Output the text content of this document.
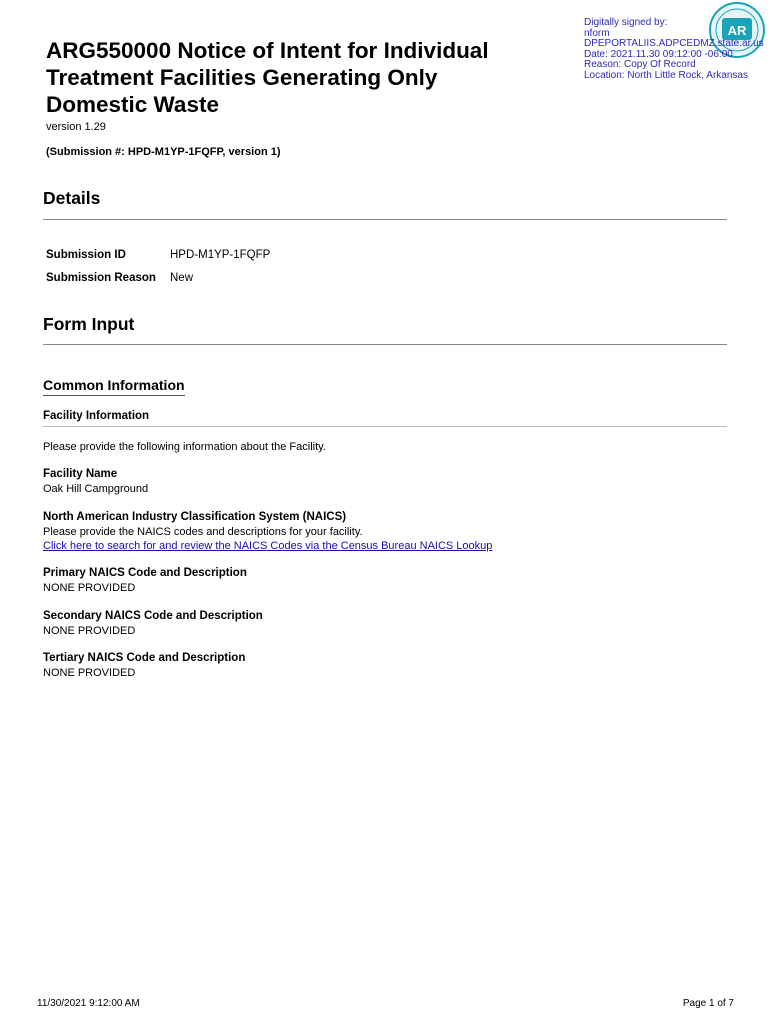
ARG550000 Notice of Intent for Individual
Treatment Facilities Generating Only
Domestic Waste
version 1.29
(Submission #: HPD-M1YP-1FQFP, version 1)
AR
Digitally signed by:
nform
DPEPORTALIIS.ADPCEDMZ.state.ar.us
Date: 2021.11.30 09:12:00 -06:00
Reason: Copy Of Record
Location: North Little Rock, Arkansas
Details
Submission ID	HPD-M1YP-1FQFP
Submission Reason New
Form Input
Common Information
Facility Information
Please provide the following information about the Facility.
Facility Name
Oak Hill Campground
North American Industry Classification System (NAICS)
Please provide the NAICS codes and descriptions for your facility.
Click here to search for and review the NAICS Codes via the Census Bureau NAICS Lookup
Primary NAICS Code and Description
NONE PROVIDED
Secondary NAICS Code and Description
NONE PROVIDED
Tertiary NAICS Code and Description
NONE PROVIDED
11/30/2021 9:12:00 AM	Page 1 of 7
